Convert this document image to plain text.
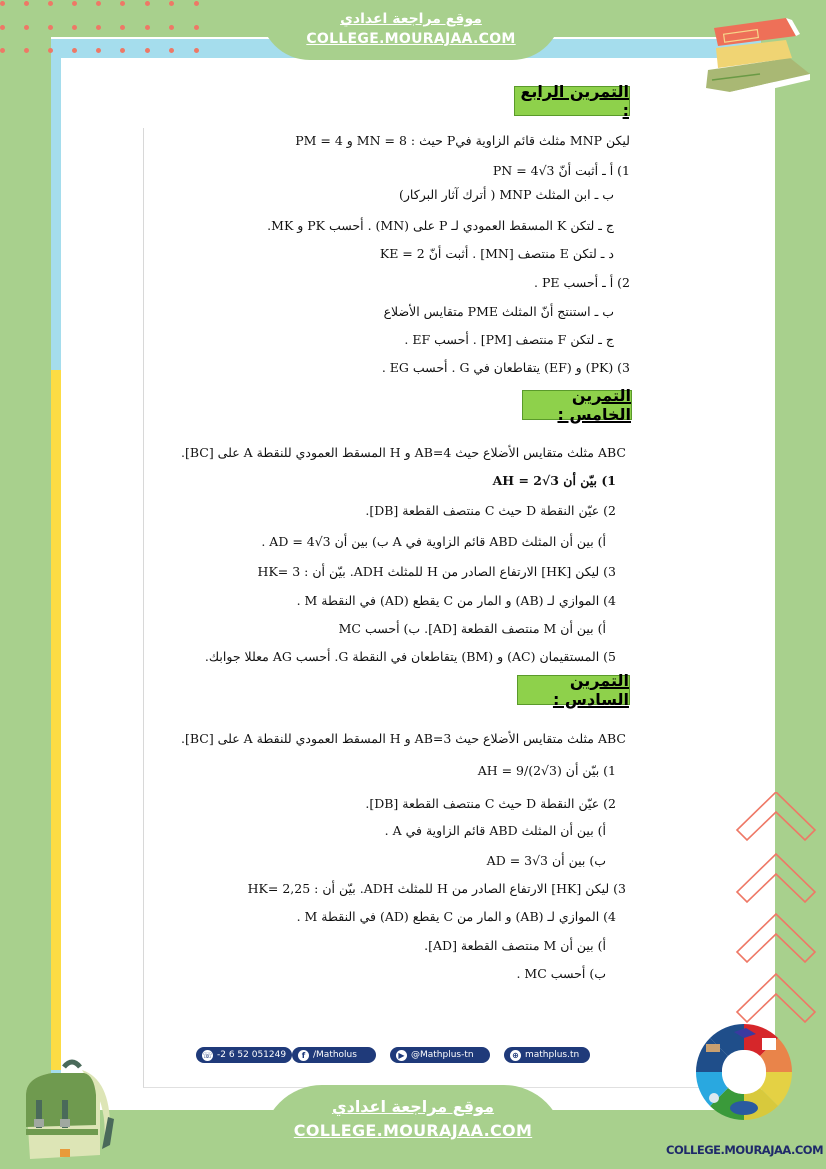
موقع مراجعة اعدادي
COLLEGE.MOURAJAA.COM
التمرين الرابع :
ليكن MNP مثلث قائم الزاوية فيP حيث : MN = 8 و PM = 4
1) أ ـ أثبت أنّ PN = 4√3
ب ـ ابن المثلث MNP ( أترك آثار البركار)
ج ـ لتكن K المسقط العمودي لـ P على (MN) . أحسب PK و MK.
د ـ لتكن E منتصف [MN] . أثبت أنّ KE = 2
2) أ ـ أحسب PE .
ب ـ استنتج أنّ المثلث PME متقايس الأضلاع
ج ـ لتكن F منتصف [PM] . أحسب EF .
3) (PK) و (EF) يتقاطعان في G . أحسب EG .
التمرين الخامس :
ABC مثلث متقايس الأضلاع حيث AB=4 و H المسقط العمودي للنقطة A على [BC].
1) بيّن أن AH = 2√3
2) عيّن النقطة D حيث C منتصف القطعة [DB].
أ) بين أن المثلث ABD قائم الزاوية في A ب) بين أن AD = 4√3 .
3) ليكن [HK] الارتفاع الصادر من H للمثلث ADH. بيّن أن : HK= 3
4) الموازي لـ (AB) و المار من C يقطع (AD) في النقطة M .
أ) بين أن M منتصف القطعة [AD]. ب) أحسب MC
5) المستقيمان (AC) و (BM) يتقاطعان في النقطة G. أحسب AG معللا جوابك.
التمرين السادس :
ABC مثلث متقايس الأضلاع حيث AB=3 و H المسقط العمودي للنقطة A على [BC].
1) بيّن أن AH = 9/(2√3)
2) عيّن النقطة D حيث C منتصف القطعة [DB].
أ) بين أن المثلث ABD قائم الزاوية في A .
ب) بين أن AD = 3√3
3) ليكن [HK] الارتفاع الصادر من H للمثلث ADH. بيّن أن : HK= 2,25
4) الموازي لـ (AB) و المار من C يقطع (AD) في النقطة M .
أ) بين أن M منتصف القطعة [AD].
ب) أحسب MC .
☏ -2 6 52 051249	f /Matholus	▶ @Mathplus-tn	⊕ mathplus.tn
موقع مراجعة اعدادي
COLLEGE.MOURAJAA.COM
COLLEGE.MOURAJAA.COM
